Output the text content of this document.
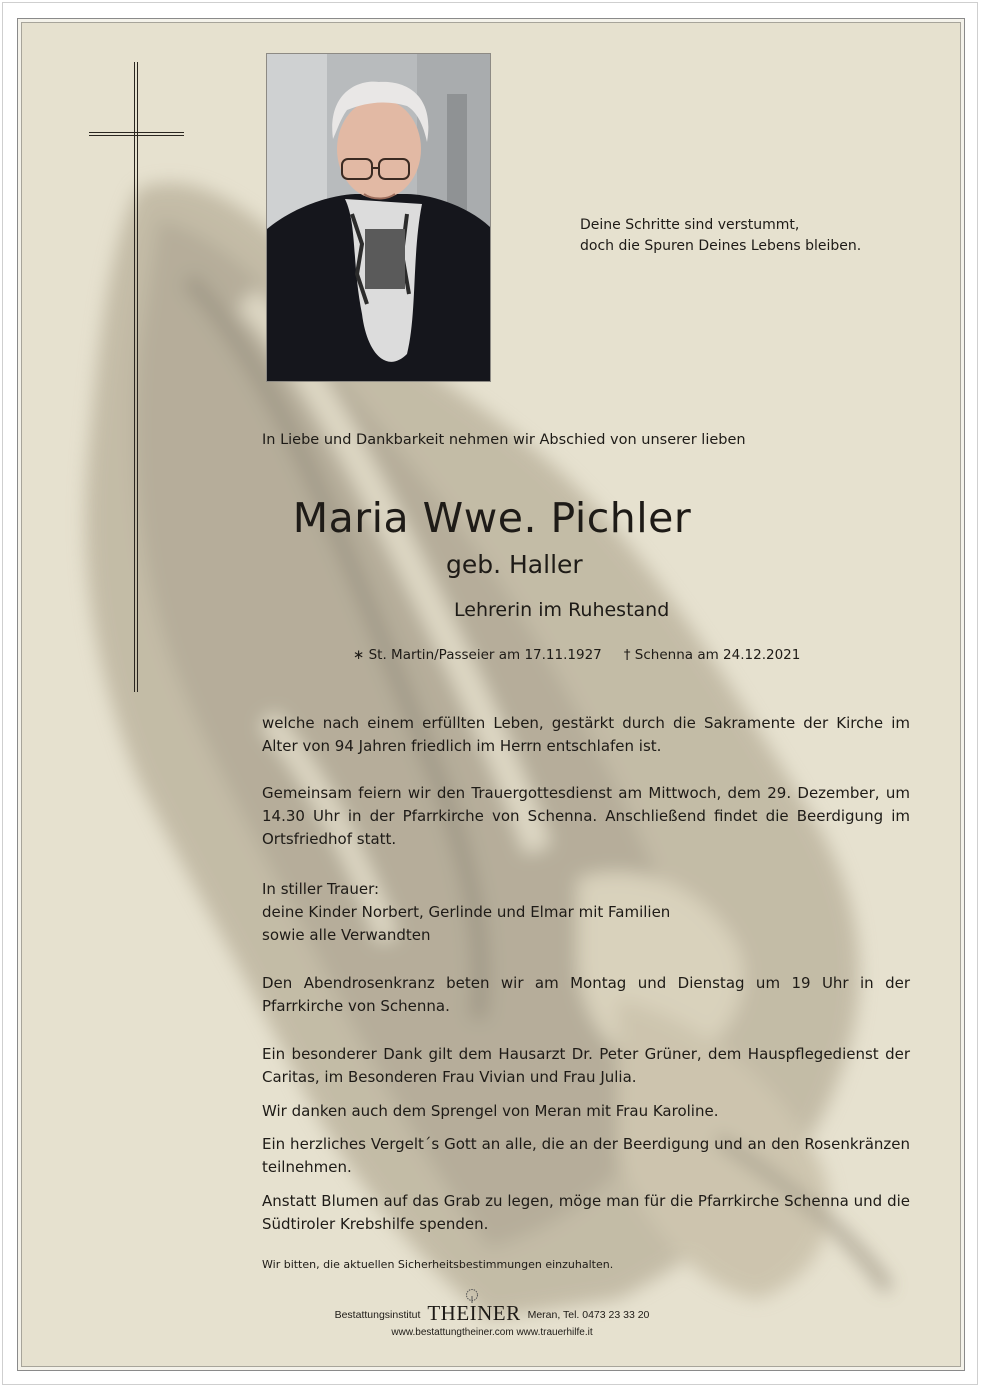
Deine Schritte sind verstummt,
doch die Spuren Deines Lebens bleiben.
In Liebe und Dankbarkeit nehmen wir Abschied von unserer lieben
Maria Wwe. Pichler
geb. Haller
Lehrerin im Ruhestand
∗ St. Martin/Passeier am 17.11.1927 † Schenna am 24.12.2021
welche nach einem erfüllten Leben, gestärkt durch die Sakramente der Kirche im Alter von 94 Jahren friedlich im Herrn entschlafen ist.
Gemeinsam feiern wir den Trauergottesdienst am Mittwoch, dem 29. Dezember, um 14.30 Uhr in der Pfarrkirche von Schenna. Anschließend findet die Beerdigung im Ortsfriedhof statt.
In stiller Trauer:
deine Kinder Norbert, Gerlinde und Elmar mit Familien
sowie alle Verwandten
Den Abendrosenkranz beten wir am Montag und Dienstag um 19 Uhr in der Pfarrkirche von Schenna.
Ein besonderer Dank gilt dem Hausarzt Dr. Peter Grüner, dem Hauspflegedienst der Caritas, im Besonderen Frau Vivian und Frau Julia.
Wir danken auch dem Sprengel von Meran mit Frau Karoline.
Ein herzliches Vergelt´s Gott an alle, die an der Beerdigung und an den Rosenkränzen teilnehmen.
Anstatt Blumen auf das Grab zu legen, möge man für die Pfarrkirche Schenna und die Südtiroler Krebshilfe spenden.
Wir bitten, die aktuellen Sicherheitsbestimmungen einzuhalten.
Bestattungsinstitut THEINER Meran, Tel. 0473 23 33 20
www.bestattungtheiner.com www.trauerhilfe.it
